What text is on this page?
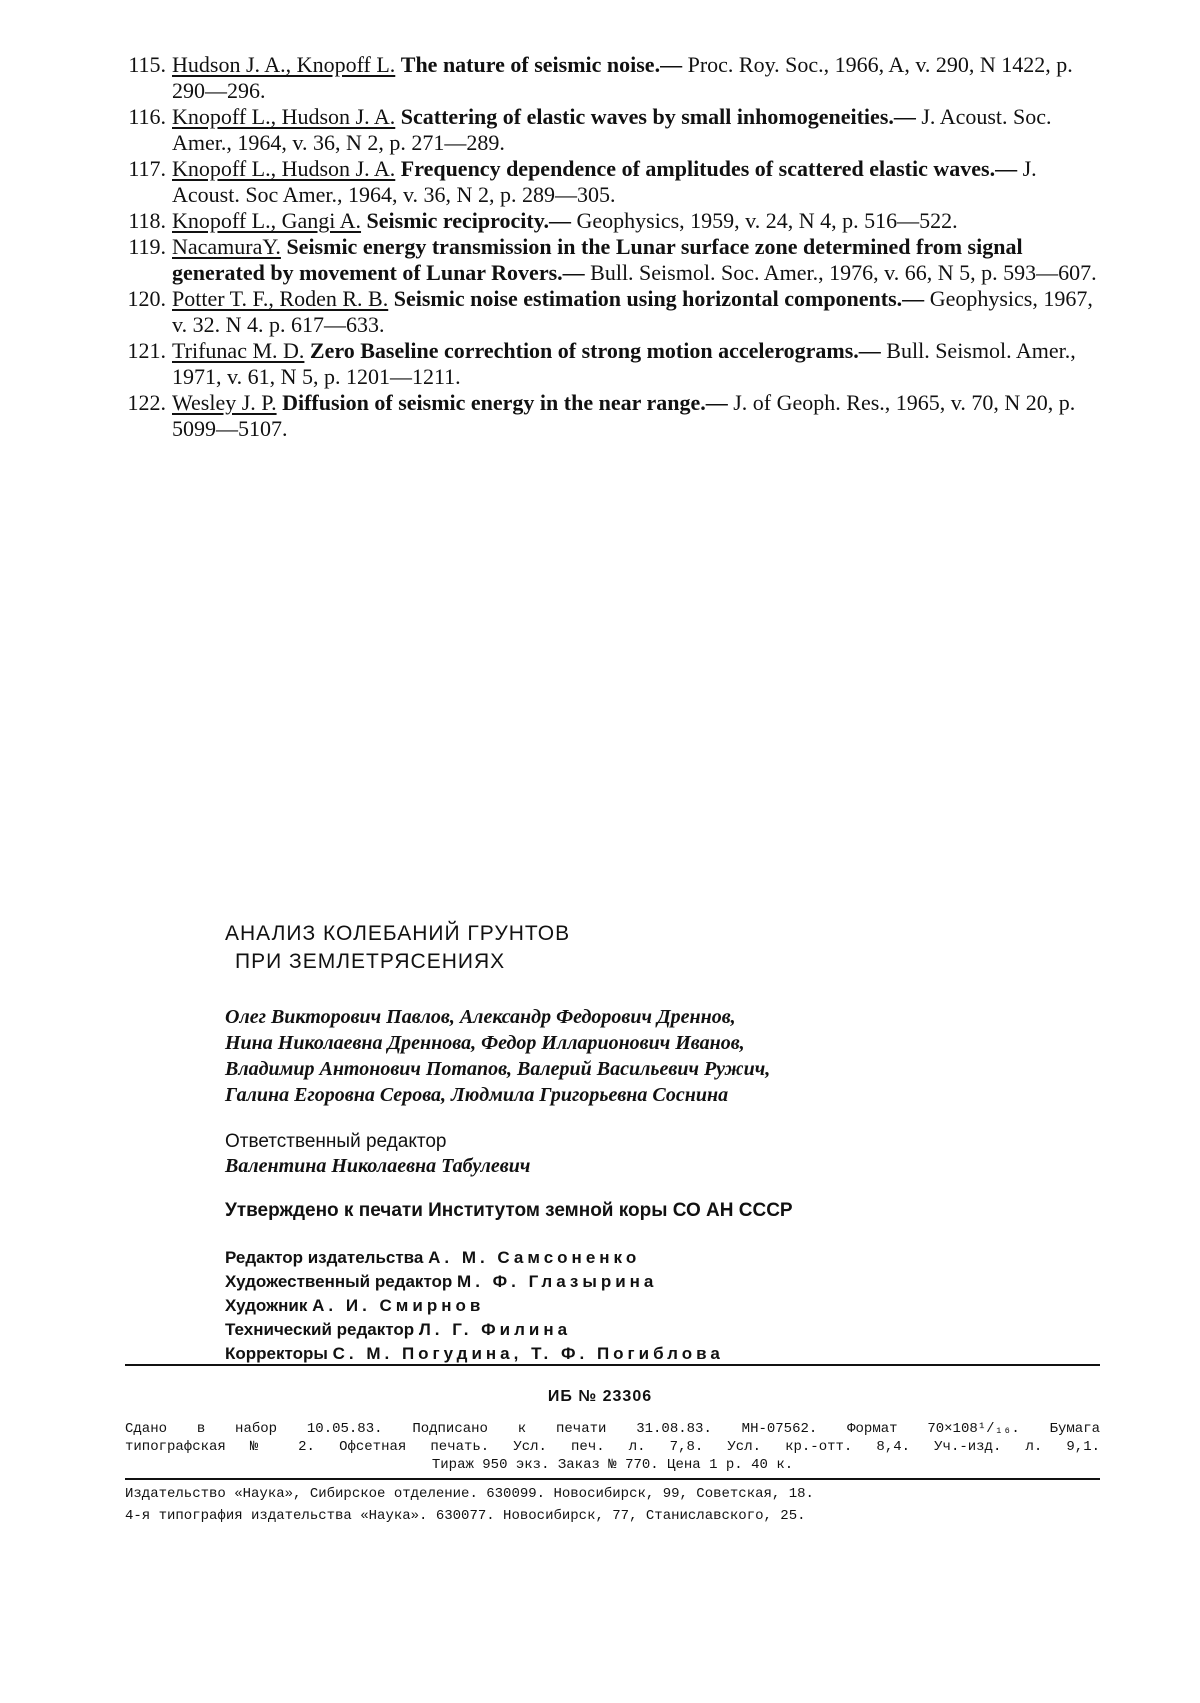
115. Hudson J. A., Knopoff L. The nature of seismic noise.— Proc. Roy. Soc., 1966, A, v. 290, N 1422, p. 290—296.

116. Knopoff L., Hudson J. A. Scattering of elastic waves by small inhomogeneities.— J. Acoust. Soc. Amer., 1964, v. 36, N 2, p. 271—289.

117. Knopoff L., Hudson J. A. Frequency dependence of amplitudes of scattered elastic waves.— J. Acoust. Soc Amer., 1964, v. 36, N 2, p. 289—305.

118. Knopoff L., Gangi A. Seismic reciprocity.— Geophysics, 1959, v. 24, N 4, p. 516—522.

119. NacamuraY. Seismic energy transmission in the Lunar surface zone determined from signal generated by movement of Lunar Rovers.— Bull. Seismol. Soc. Amer., 1976, v. 66, N 5, p. 593—607.

120. Potter T. F., Roden R. B. Seismic noise estimation using horizontal components.— Geophysics, 1967, v. 32. N 4. p. 617—633.

121. Trifunac M. D. Zero Baseline correchtion of strong motion accelerograms.— Bull. Seismol. Amer., 1971, v. 61, N 5, p. 1201—1211.

122. Wesley J. P. Diffusion of seismic energy in the near range.— J. of Geoph. Res., 1965, v. 70, N 20, p. 5099—5107.

АНАЛИЗ КОЛЕБАНИЙ ГРУНТОВ

ПРИ ЗЕМЛЕТРЯСЕНИЯХ

Олег Викторович Павлов, Александр Федорович Дреннов,
Нина Николаевна Дреннова, Федор Илларионович Иванов,
Владимир Антонович Потапов, Валерий Васильевич Ружич,
Галина Егоровна Серова, Людмила Григорьевна Соснина
Ответственный редактор
Валентина Николаевна Табулевич
Утверждено к печати Институтом земной коры СО АН СССР
Редактор издательства А. М. Самсоненко
Художественный редактор М. Ф. Глазырина
Художник А. И. Смирнов
Технический редактор Л. Г. Филина
Корректоры С. М. Погудина, Т. Ф. Погиблова
ИБ № 23306
Сдано в набор 10.05.83. Подписано к печати 31.08.83. МН-07562. Формат 70×108¹/₁₆. Бумага
типографская № 2. Офсетная печать. Усл. печ. л. 7,8. Усл. кр.-отт. 8,4. Уч.-изд. л. 9,1.
Тираж 950 экз. Заказ № 770. Цена 1 р. 40 к.
Издательство «Наука», Сибирское отделение. 630099. Новосибирск, 99, Советская, 18.
4-я типография издательства «Наука». 630077. Новосибирск, 77, Станиславского, 25.
